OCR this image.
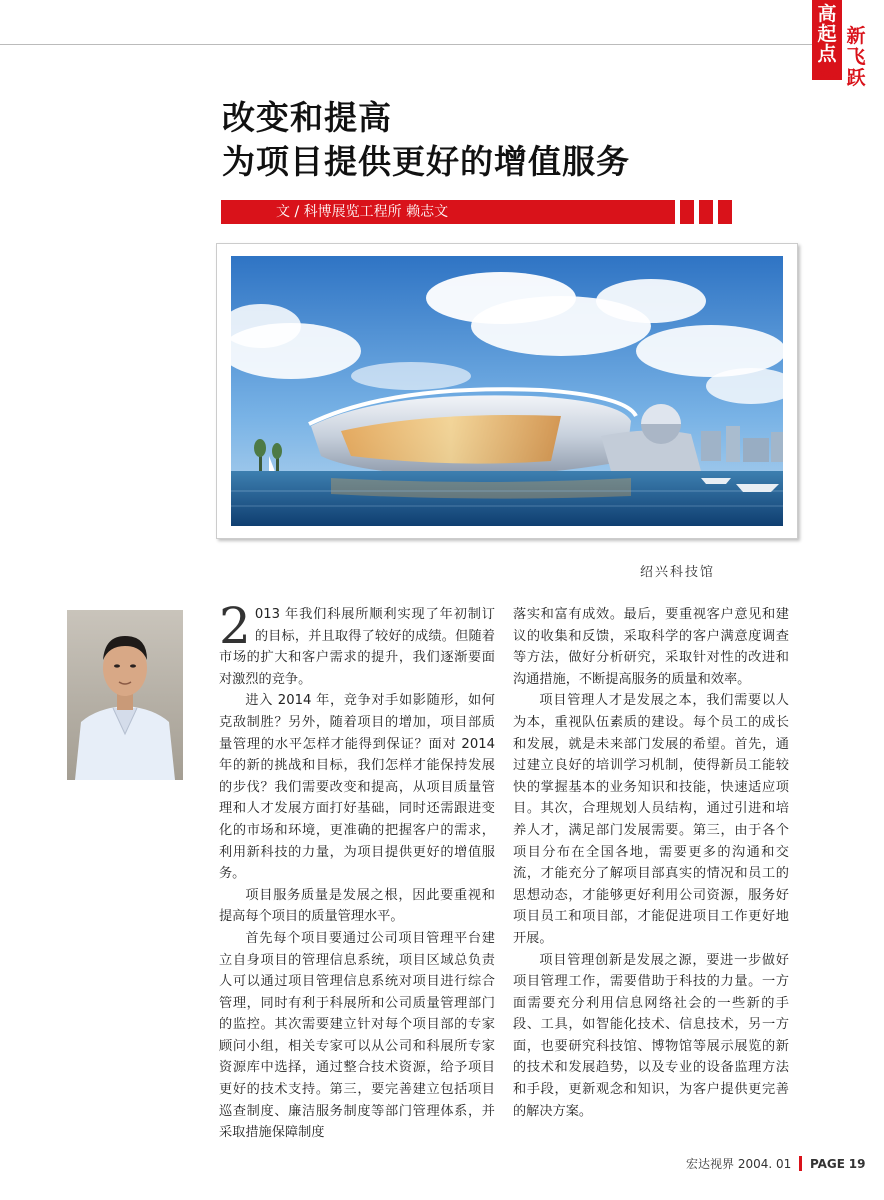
高起点
新飞跃
2014
改变和提高
为项目提供更好的增值服务
文 / 科博展览工程所 赖志文
绍兴科技馆

2 013 年我们科展所顺利实现了年初制订的目标，并且取得了较好的成绩。但随着市场的扩大和客户需求的提升，我们逐渐要面对激烈的竞争。

进入 2014 年，竞争对手如影随形，如何克敌制胜？另外，随着项目的增加，项目部质量管理的水平怎样才能得到保证？面对 2014 年的新的挑战和目标，我们怎样才能保持发展的步伐？我们需要改变和提高，从项目质量管理和人才发展方面打好基础，同时还需跟进变化的市场和环境，更准确的把握客户的需求，利用新科技的力量，为项目提供更好的增值服务。

项目服务质量是发展之根，因此要重视和提高每个项目的质量管理水平。

首先每个项目要通过公司项目管理平台建立自身项目的管理信息系统，项目区域总负责人可以通过项目管理信息系统对项目进行综合管理，同时有利于科展所和公司质量管理部门的监控。其次需要建立针对每个项目部的专家顾问小组，相关专家可以从公司和科展所专家资源库中选择，通过整合技术资源，给予项目更好的技术支持。第三，要完善建立包括项目巡查制度、廉洁服务制度等部门管理体系，并采取措施保障制度

落实和富有成效。最后，要重视客户意见和建议的收集和反馈，采取科学的客户满意度调查等方法，做好分析研究，采取针对性的改进和沟通措施，不断提高服务的质量和效率。

项目管理人才是发展之本，我们需要以人为本，重视队伍素质的建设。每个员工的成长和发展，就是未来部门发展的希望。首先，通过建立良好的培训学习机制，使得新员工能较快的掌握基本的业务知识和技能，快速适应项目。其次，合理规划人员结构，通过引进和培养人才，满足部门发展需要。第三，由于各个项目分布在全国各地，需要更多的沟通和交流，才能充分了解项目部真实的情况和员工的思想动态，才能够更好利用公司资源，服务好项目员工和项目部，才能促进项目工作更好地开展。

项目管理创新是发展之源，要进一步做好项目管理工作，需要借助于科技的力量。一方面需要充分利用信息网络社会的一些新的手段、工具，如智能化技术、信息技术，另一方面，也要研究科技馆、博物馆等展示展览的新的技术和发展趋势，以及专业的设备监理方法和手段，更新观念和知识，为客户提供更完善的解决方案。

宏达视界 2004. 01 PAGE 19
